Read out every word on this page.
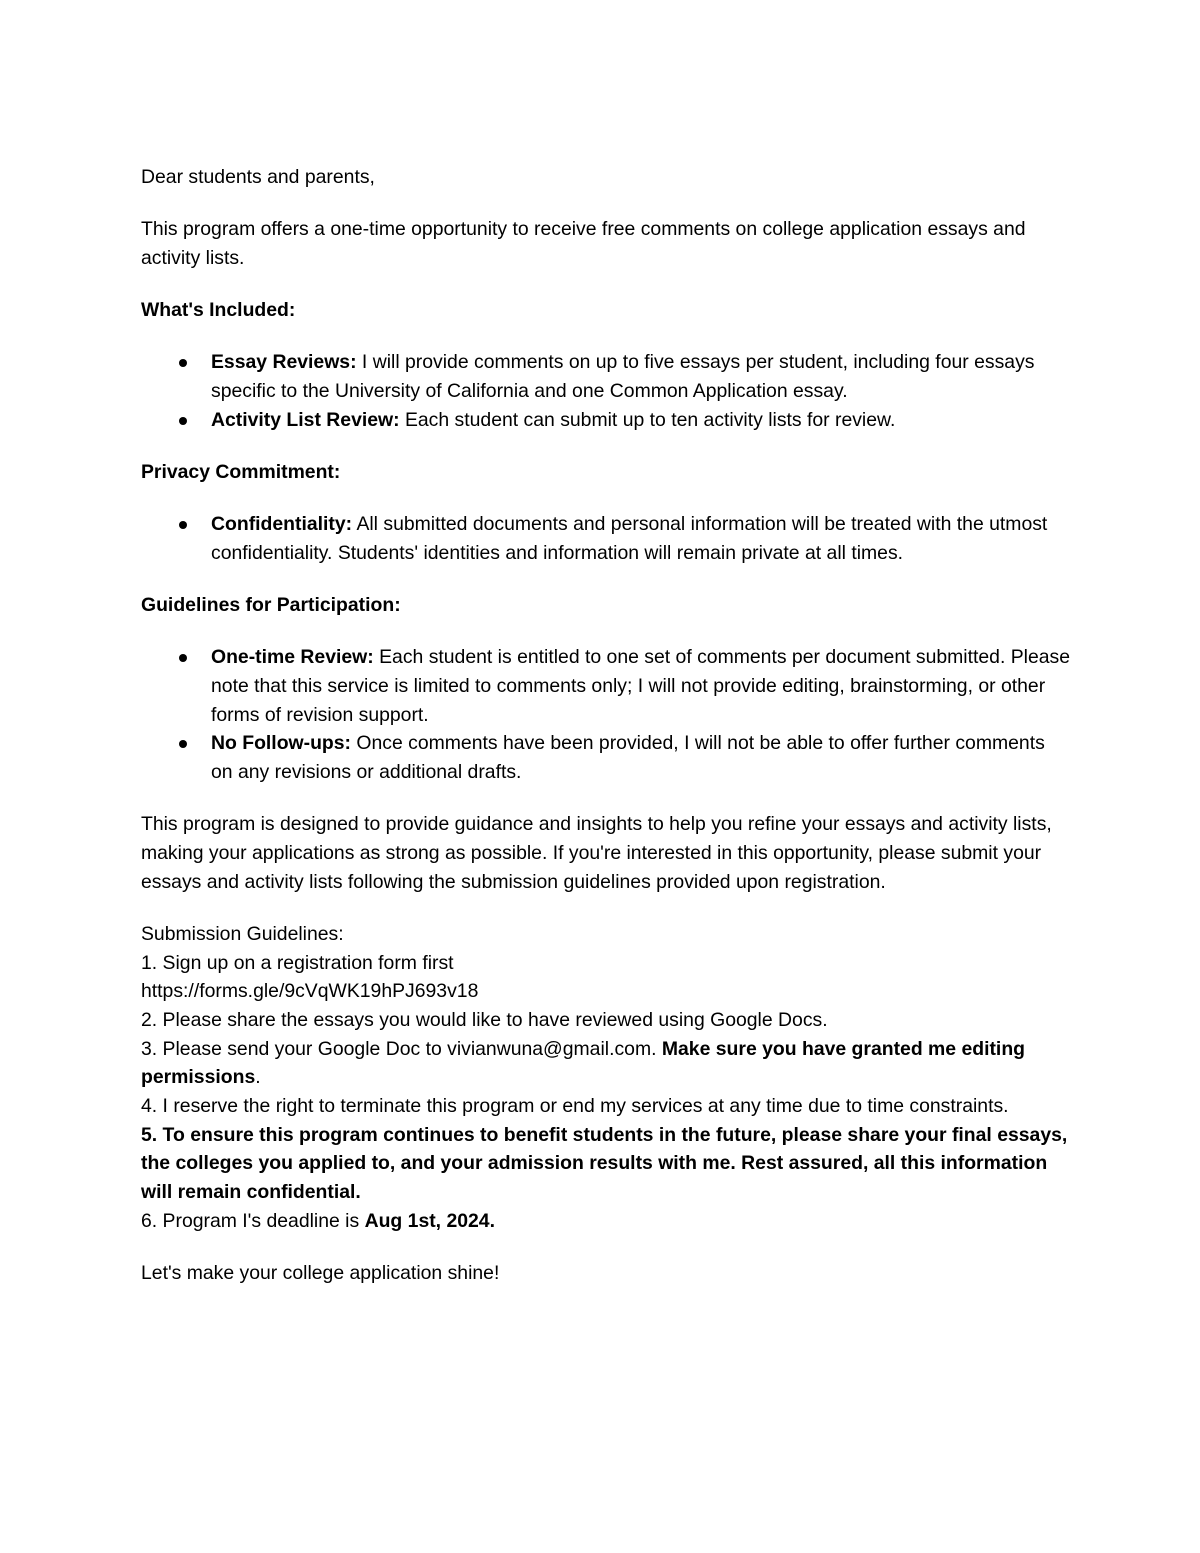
Dear students and parents,

This program offers a one-time opportunity to receive free comments on college application essays and activity lists.

What's Included:
Essay Reviews: I will provide comments on up to five essays per student, including four essays specific to the University of California and one Common Application essay.
Activity List Review: Each student can submit up to ten activity lists for review.
Privacy Commitment:
Confidentiality: All submitted documents and personal information will be treated with the utmost confidentiality. Students' identities and information will remain private at all times.
Guidelines for Participation:
One-time Review: Each student is entitled to one set of comments per document submitted. Please note that this service is limited to comments only; I will not provide editing, brainstorming, or other forms of revision support.
No Follow-ups: Once comments have been provided, I will not be able to offer further comments on any revisions or additional drafts.

This program is designed to provide guidance and insights to help you refine your essays and activity lists, making your applications as strong as possible. If you're interested in this opportunity, please submit your essays and activity lists following the submission guidelines provided upon registration.

Submission Guidelines:
1. Sign up on a registration form first
https://forms.gle/9cVqWK19hPJ693v18
2. Please share the essays you would like to have reviewed using Google Docs.
3. Please send your Google Doc to vivianwuna@gmail.com. Make sure you have granted me editing permissions.
4. I reserve the right to terminate this program or end my services at any time due to time constraints.
5. To ensure this program continues to benefit students in the future, please share your final essays, the colleges you applied to, and your admission results with me. Rest assured, all this information will remain confidential.
6. Program I's deadline is Aug 1st, 2024.

Let's make your college application shine!
